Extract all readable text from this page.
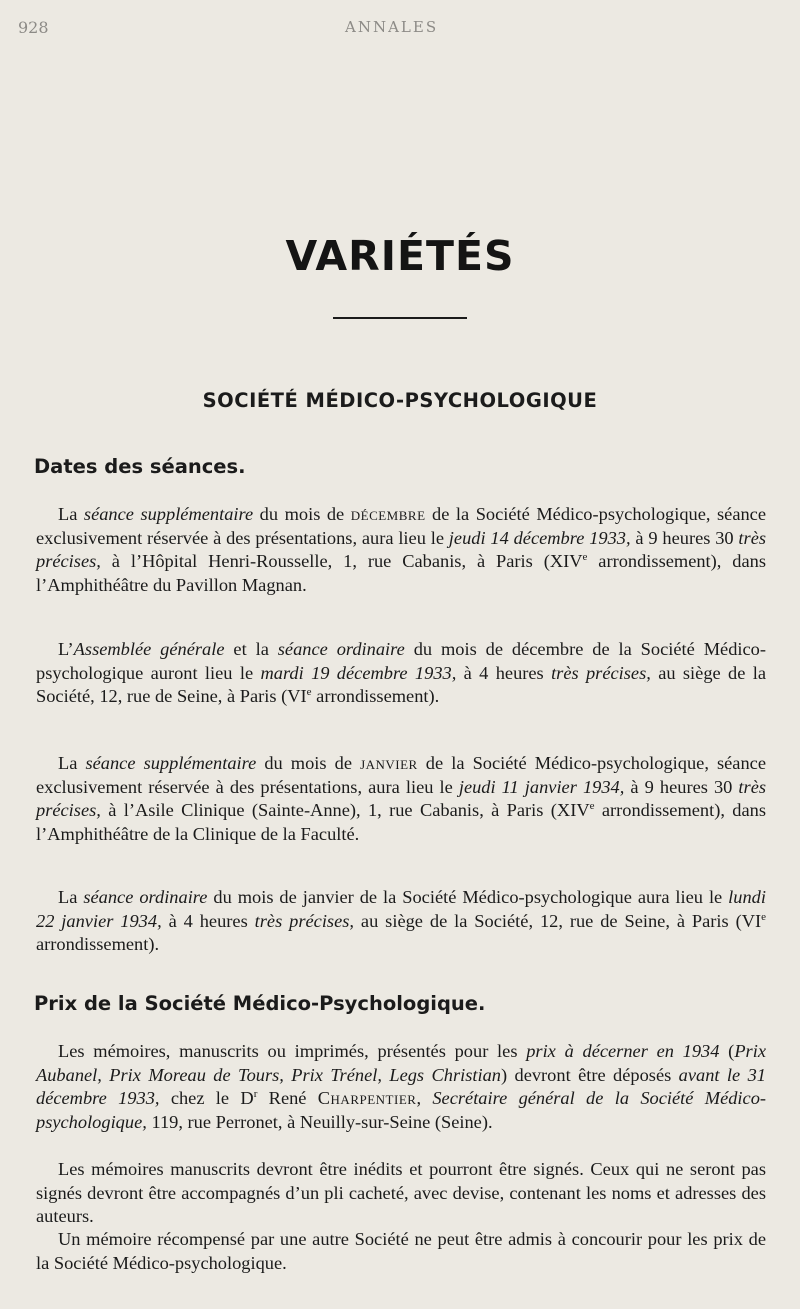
928	ANNALES
VARIÉTÉS
SOCIÉTÉ MÉDICO-PSYCHOLOGIQUE
Dates des séances.

La séance supplémentaire du mois de décembre de la Société Médico-psychologique, séance exclusivement réservée à des présentations, aura lieu le jeudi 14 décembre 1933, à 9 heures 30 très précises, à l’Hôpital Henri-Rousselle, 1, rue Cabanis, à Paris (XIVe arrondissement), dans l’Amphithéâtre du Pavillon Magnan.

L’Assemblée générale et la séance ordinaire du mois de décembre de la Société Médico-psychologique auront lieu le mardi 19 décembre 1933, à 4 heures très précises, au siège de la Société, 12, rue de Seine, à Paris (VIe arrondissement).

La séance supplémentaire du mois de janvier de la Société Médico-psychologique, séance exclusivement réservée à des présentations, aura lieu le jeudi 11 janvier 1934, à 9 heures 30 très précises, à l’Asile Clinique (Sainte-Anne), 1, rue Cabanis, à Paris (XIVe arrondissement), dans l’Amphithéâtre de la Clinique de la Faculté.

La séance ordinaire du mois de janvier de la Société Médico-psychologique aura lieu le lundi 22 janvier 1934, à 4 heures très précises, au siège de la Société, 12, rue de Seine, à Paris (VIe arrondissement).

Prix de la Société Médico-Psychologique.

Les mémoires, manuscrits ou imprimés, présentés pour les prix à décerner en 1934 (Prix Aubanel, Prix Moreau de Tours, Prix Trénel, Legs Christian) devront être déposés avant le 31 décembre 1933, chez le $D^r$ René Charpentier, Secrétaire général de la Société Médico-psychologique, 119, rue Perronet, à Neuilly-sur-Seine (Seine).

Les mémoires manuscrits devront être inédits et pourront être signés. Ceux qui ne seront pas signés devront être accompagnés d’un pli cacheté, avec devise, contenant les noms et adresses des auteurs.

Un mémoire récompensé par une autre Société ne peut être admis à concourir pour les prix de la Société Médico-psychologique.
